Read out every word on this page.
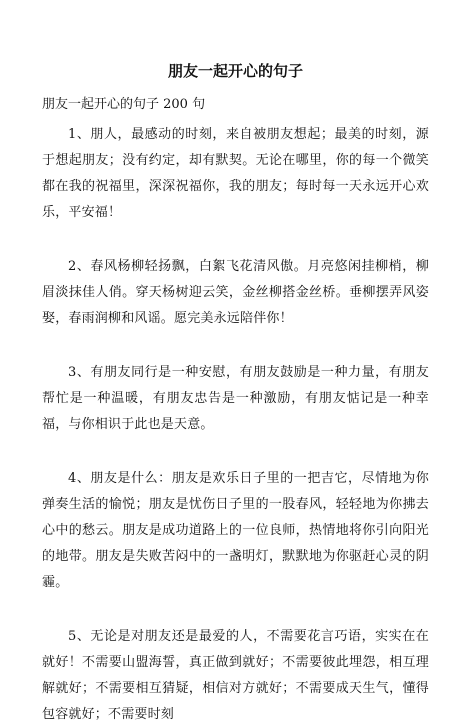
朋友一起开心的句子
朋友一起开心的句子 200 句

1、朋人，最感动的时刻，来自被朋友想起；最美的时刻，源于想起朋友；没有约定，却有默契。无论在哪里，你的每一个微笑都在我的祝福里，深深祝福你，我的朋友；每时每一天永远开心欢乐，平安福！

2、春风杨柳轻扬飘，白絮飞花清风傲。月亮悠闲挂柳梢，柳眉淡抹佳人俏。穿天杨树迎云笑，金丝柳搭金丝桥。垂柳摆弄风姿娶，春雨润柳和风谣。愿完美永远陪伴你！

3、有朋友同行是一种安慰，有朋友鼓励是一种力量，有朋友帮忙是一种温暖，有朋友忠告是一种激励，有朋友惦记是一种幸福，与你相识于此也是天意。

4、朋友是什么：朋友是欢乐日子里的一把吉它，尽情地为你弹奏生活的愉悦；朋友是忧伤日子里的一股春风，轻轻地为你拂去心中的愁云。朋友是成功道路上的一位良师，热情地将你引向阳光的地带。朋友是失败苦闷中的一盏明灯，默默地为你驱赶心灵的阴霾。

5、无论是对朋友还是最爱的人，不需要花言巧语，实实在在就好！不需要山盟海誓，真正做到就好；不需要彼此埋怨，相互理解就好；不需要相互猜疑，相信对方就好；不需要成天生气，懂得包容就好；不需要时刻
